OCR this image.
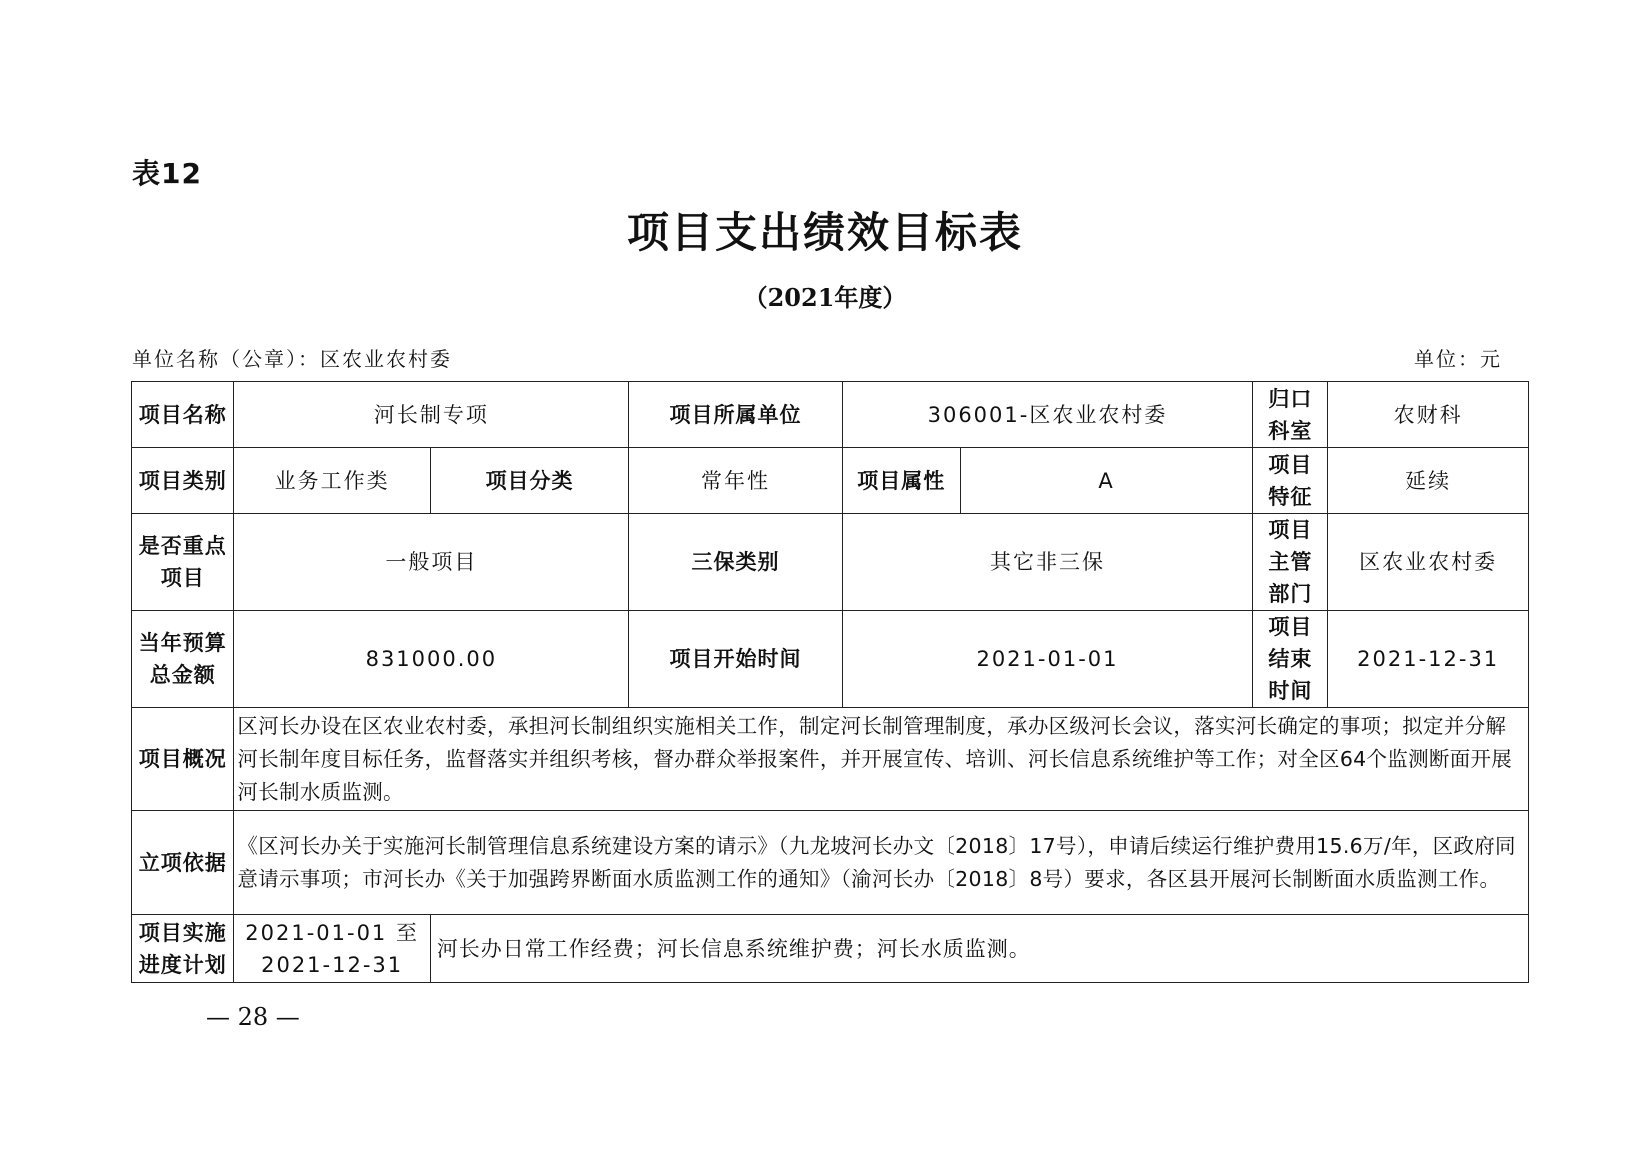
表12
项目支出绩效目标表
（2021年度）
单位名称（公章）：区农业农村委	单位：元
项目名称	河长制专项		项目所属单位	306001-区农业农村委		归口科室	农财科
项目类别	业务工作类	项目分类	常年性	项目属性	A	项目特征	延续
是否重点项目	一般项目		三保类别	其它非三保		项目主管部门	区农业农村委
当年预算总金额	831000.00		项目开始时间	2021-01-01		项目结束时间	2021-12-31
项目概况	区河长办设在区农业农村委，承担河长制组织实施相关工作，制定河长制管理制度，承办区级河长会议，落实河长确定的事项；拟定并分解河长制年度目标任务，监督落实并组织考核，督办群众举报案件，并开展宣传、培训、河长信息系统维护等工作；对全区64个监测断面开展河长制水质监测。						
立项依据	《区河长办关于实施河长制管理信息系统建设方案的请示》（九龙坡河长办文〔2018〕17号），申请后续运行维护费用15.6万/年，区政府同意请示事项；市河长办《关于加强跨界断面水质监测工作的通知》（渝河长办〔2018〕8号）要求，各区县开展河长制断面水质监测工作。						
项目实施进度计划	2021-01-01 至 2021-12-31	河长办日常工作经费；河长信息系统维护费；河长水质监测。					
— 28 —
